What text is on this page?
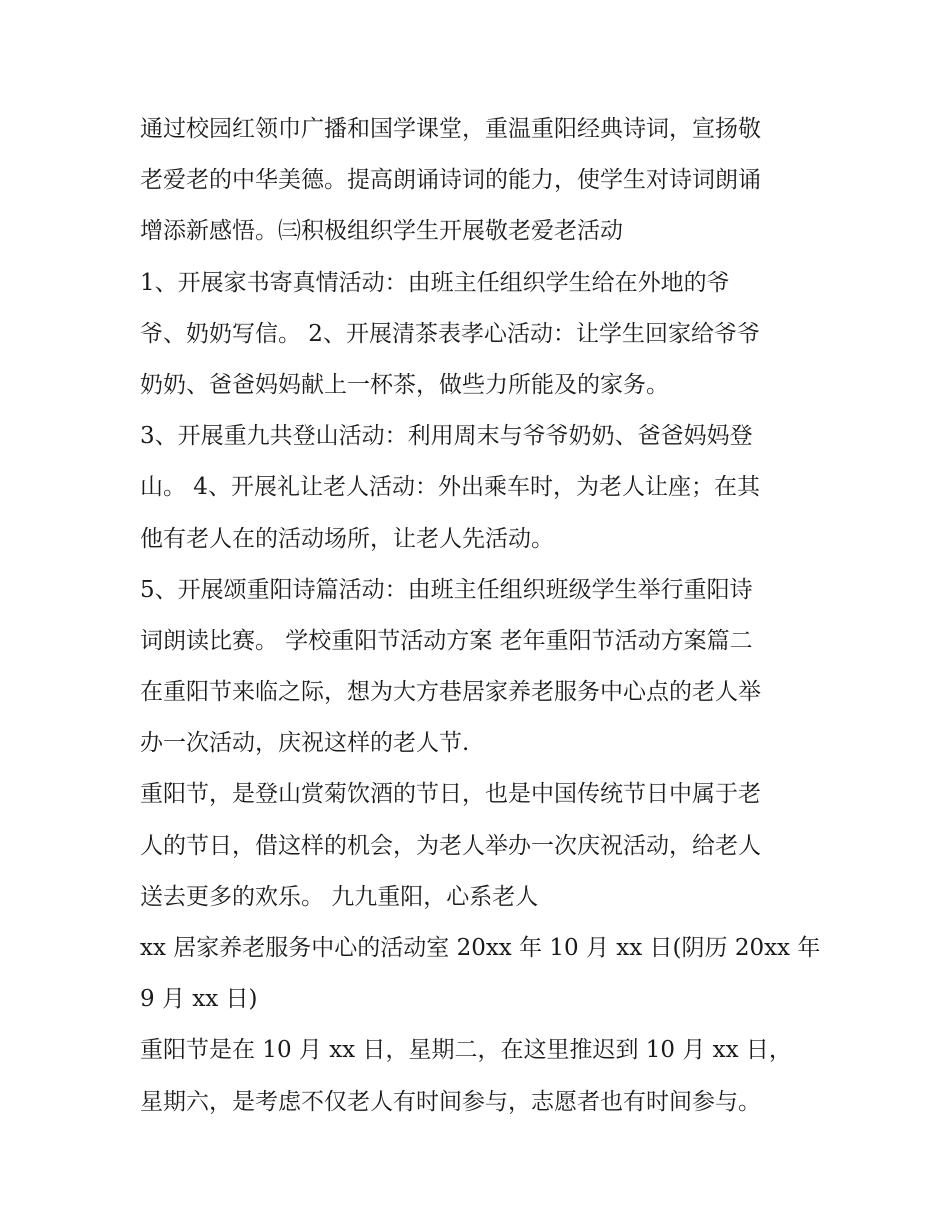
通过校园红领巾广播和国学课堂，重温重阳经典诗词，宣扬敬
老爱老的中华美德。提高朗诵诗词的能力，使学生对诗词朗诵
增添新感悟。㈢积极组织学生开展敬老爱老活动
1、开展家书寄真情活动：由班主任组织学生给在外地的爷
爷、奶奶写信。 2、开展清茶表孝心活动：让学生回家给爷爷
奶奶、爸爸妈妈献上一杯茶，做些力所能及的家务。
3、开展重九共登山活动：利用周末与爷爷奶奶、爸爸妈妈登
山。 4、开展礼让老人活动：外出乘车时，为老人让座；在其
他有老人在的活动场所，让老人先活动。
5、开展颂重阳诗篇活动：由班主任组织班级学生举行重阳诗
词朗读比赛。 学校重阳节活动方案 老年重阳节活动方案篇二
在重阳节来临之际，想为大方巷居家养老服务中心点的老人举
办一次活动，庆祝这样的老人节.
重阳节，是登山赏菊饮酒的节日，也是中国传统节日中属于老
人的节日，借这样的机会，为老人举办一次庆祝活动，给老人
送去更多的欢乐。 九九重阳，心系老人
xx 居家养老服务中心的活动室 20xx 年 10 月 xx 日(阴历 20xx 年
9 月 xx 日)
重阳节是在 10 月 xx 日，星期二，在这里推迟到 10 月 xx 日，
星期六，是考虑不仅老人有时间参与，志愿者也有时间参与。
